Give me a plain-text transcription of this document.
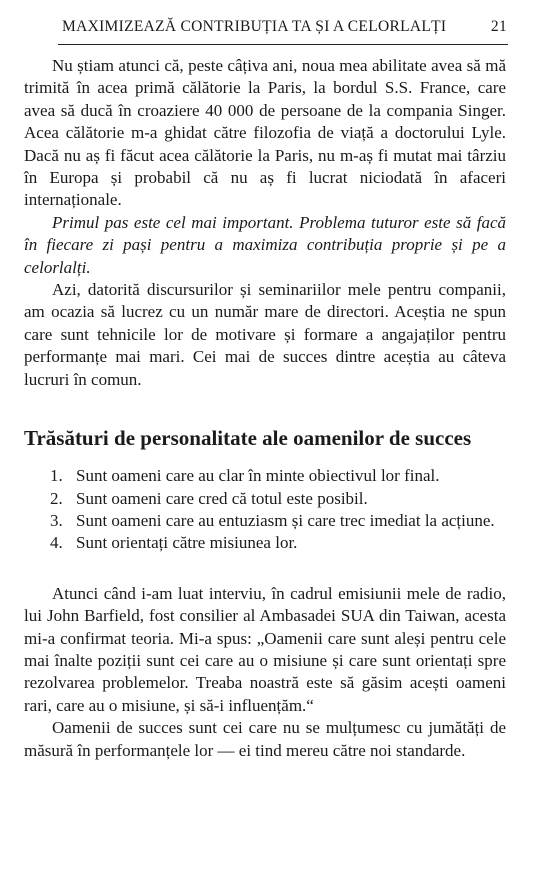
MAXIMIZEAZĂ CONTRIBUȚIA TA ȘI A CELORLALȚI	21

Nu știam atunci că, peste câțiva ani, noua mea abilitate avea să mă trimită în acea primă călătorie la Paris, la bordul S.S. France, care avea să ducă în croaziere 40 000 de persoane de la compania Singer. Acea călătorie m-a ghidat către filozofia de viață a doctorului Lyle. Dacă nu aș fi făcut acea călătorie la Paris, nu m-aș fi mutat mai târziu în Europa și probabil că nu aș fi lucrat niciodată în afaceri internaționale.

Primul pas este cel mai important. Problema tuturor este să facă în fiecare zi pași pentru a maximiza contribuția proprie și pe a celorlalți.

Azi, datorită discursurilor și seminariilor mele pentru companii, am ocazia să lucrez cu un număr mare de directori. Aceștia ne spun care sunt tehnicile lor de motivare și formare a angajaților pentru performanțe mai mari. Cei mai de succes dintre aceștia au câteva lucruri în comun.

Trăsături de personalitate ale oamenilor de succes
1. Sunt oameni care au clar în minte obiectivul lor final.
2. Sunt oameni care cred că totul este posibil.
3. Sunt oameni care au entuziasm și care trec imediat la acțiune.
4. Sunt orientați către misiunea lor.

Atunci când i-am luat interviu, în cadrul emisiunii mele de radio, lui John Barfield, fost consilier al Ambasadei SUA din Taiwan, acesta mi-a confirmat teoria. Mi-a spus: „Oamenii care sunt aleși pentru cele mai înalte poziții sunt cei care au o misiune și care sunt orientați spre rezolvarea problemelor. Treaba noastră este să găsim acești oameni rari, care au o misiune, și să-i influențăm.“

Oamenii de succes sunt cei care nu se mulțumesc cu jumătăți de măsură în performanțele lor — ei tind mereu către noi standarde.
